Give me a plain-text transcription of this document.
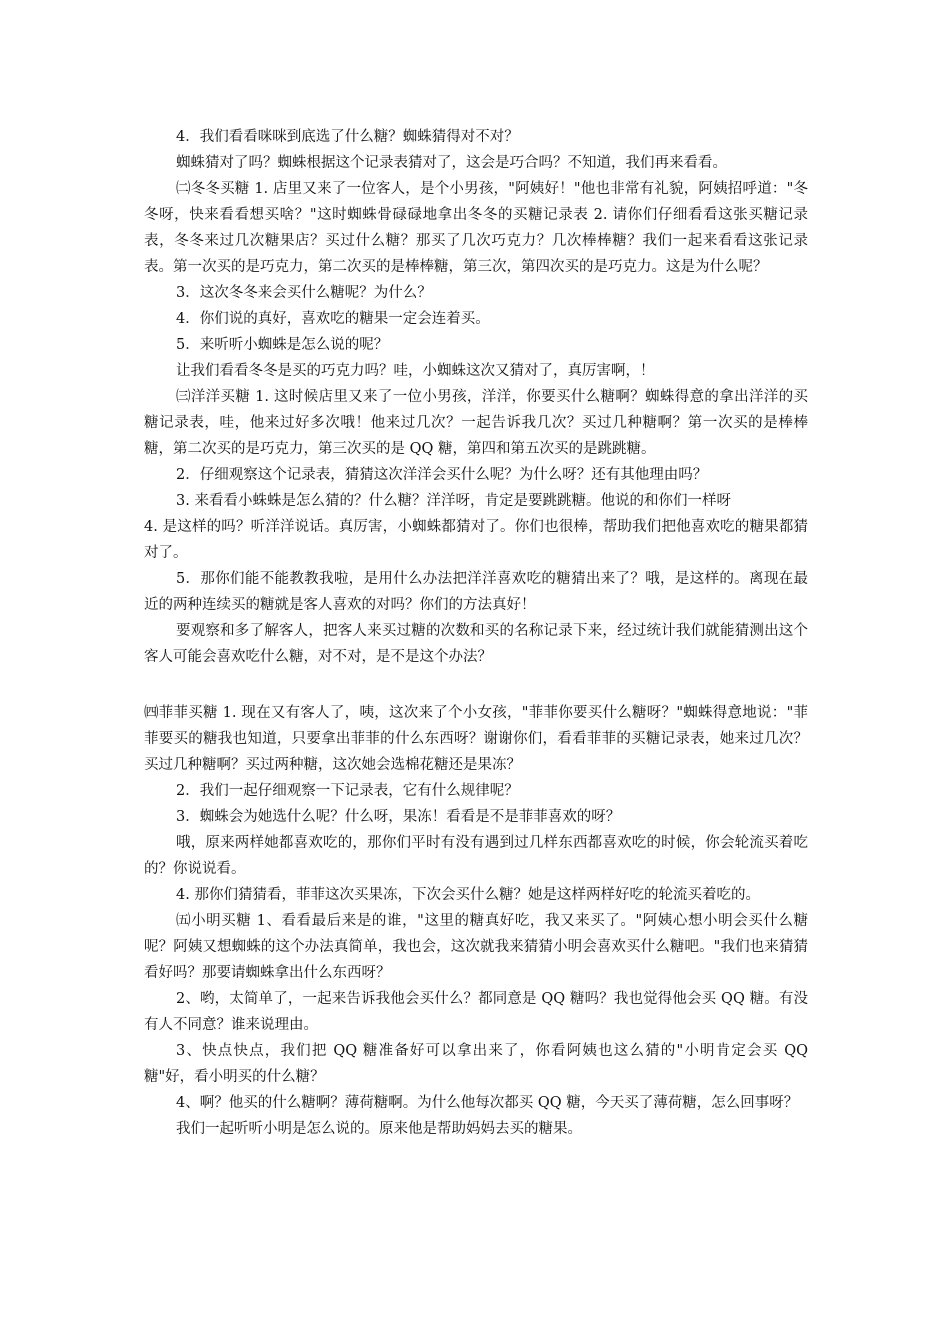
4．我们看看咪咪到底选了什么糖？蜘蛛猜得对不对？

蜘蛛猜对了吗？蜘蛛根据这个记录表猜对了，这会是巧合吗？不知道，我们再来看看。

㈡冬冬买糖 1. 店里又来了一位客人，是个小男孩，"阿姨好！"他也非常有礼貌，阿姨招呼道："冬冬呀，快来看看想买啥？"这时蜘蛛骨碌碌地拿出冬冬的买糖记录表 2. 请你们仔细看看这张买糖记录表，冬冬来过几次糖果店？买过什么糖？那买了几次巧克力？几次棒棒糖？我们一起来看看这张记录表。第一次买的是巧克力，第二次买的是棒棒糖，第三次，第四次买的是巧克力。这是为什么呢？

3．这次冬冬来会买什么糖呢？为什么？

4．你们说的真好，喜欢吃的糖果一定会连着买。

5．来听听小蜘蛛是怎么说的呢？

让我们看看冬冬是买的巧克力吗？哇，小蜘蛛这次又猜对了，真厉害啊，！

㈢洋洋买糖 1. 这时候店里又来了一位小男孩，洋洋，你要买什么糖啊？蜘蛛得意的拿出洋洋的买糖记录表，哇，他来过好多次哦！他来过几次？一起告诉我几次？买过几种糖啊？第一次买的是棒棒糖，第二次买的是巧克力，第三次买的是 QQ 糖，第四和第五次买的是跳跳糖。

2．仔细观察这个记录表，猜猜这次洋洋会买什么呢？为什么呀？还有其他理由吗？

3. 来看看小蛛蛛是怎么猜的？什么糖？洋洋呀，肯定是要跳跳糖。他说的和你们一样呀

4. 是这样的吗？听洋洋说话。真厉害，小蜘蛛都猜对了。你们也很棒，帮助我们把他喜欢吃的糖果都猜对了。

5．那你们能不能教教我啦，是用什么办法把洋洋喜欢吃的糖猜出来了？哦，是这样的。离现在最近的两种连续买的糖就是客人喜欢的对吗？你们的方法真好！

要观察和多了解客人，把客人来买过糖的次数和买的名称记录下来，经过统计我们就能猜测出这个客人可能会喜欢吃什么糖，对不对，是不是这个办法？

㈣菲菲买糖 1. 现在又有客人了，咦，这次来了个小女孩，"菲菲你要买什么糖呀？"蜘蛛得意地说："菲菲要买的糖我也知道，只要拿出菲菲的什么东西呀？谢谢你们，看看菲菲的买糖记录表，她来过几次？买过几种糖啊？买过两种糖，这次她会选棉花糖还是果冻？

2．我们一起仔细观察一下记录表，它有什么规律呢？

3．蜘蛛会为她选什么呢？什么呀，果冻！看看是不是菲菲喜欢的呀？

哦，原来两样她都喜欢吃的，那你们平时有没有遇到过几样东西都喜欢吃的时候，你会轮流买着吃的？你说说看。

4. 那你们猜猜看，菲菲这次买果冻，下次会买什么糖？她是这样两样好吃的轮流买着吃的。

㈤小明买糖 1、看看最后来是的谁，"这里的糖真好吃，我又来买了。"阿姨心想小明会买什么糖呢？阿姨又想蜘蛛的这个办法真简单，我也会，这次就我来猜猜小明会喜欢买什么糖吧。"我们也来猜猜看好吗？那要请蜘蛛拿出什么东西呀？

2、哟，太简单了，一起来告诉我他会买什么？都同意是 QQ 糖吗？我也觉得他会买 QQ 糖。有没有人不同意？谁来说理由。

3、快点快点，我们把 QQ 糖准备好可以拿出来了，你看阿姨也这么猜的"小明肯定会买 QQ 糖"好，看小明买的什么糖？

4、啊？他买的什么糖啊？薄荷糖啊。为什么他每次都买 QQ 糖，今天买了薄荷糖，怎么回事呀？

我们一起听听小明是怎么说的。原来他是帮助妈妈去买的糖果。
